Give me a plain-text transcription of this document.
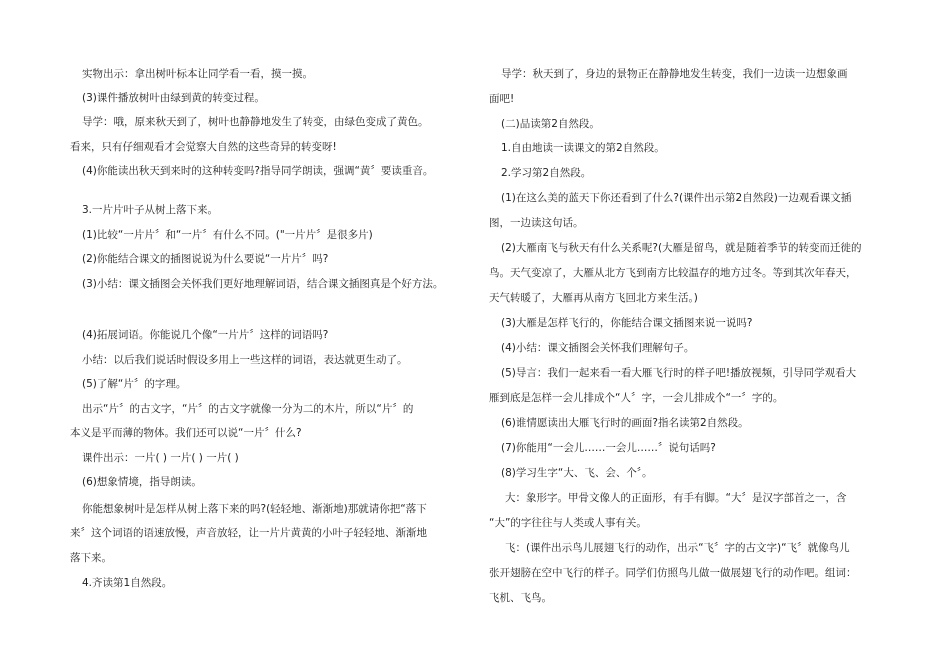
实物出示：拿出树叶标本让同学看一看，摸一摸。
(3)课件播放树叶由绿到黄的转变过程。
导学：哦，原来秋天到了，树叶也静静地发生了转变，由绿色变成了黄色。
看来，只有仔细观看才会觉察大自然的这些奇异的转变呀!
(4)你能读出秋天到来时的这种转变吗?指导同学朗读，强调“黄〞要读重音。
3.一片片叶子从树上落下来。
(1)比较“一片片〞和“一片〞有什么不同。("一片片〞是很多片)
(2)你能结合课文的插图说说为什么要说“一片片〞吗?
(3)小结：课文插图会关怀我们更好地理解词语，结合课文插图真是个好方法。
(4)拓展词语。你能说几个像“一片片〞这样的词语吗?
小结：以后我们说话时假设多用上一些这样的词语，表达就更生动了。
(5)了解“片〞的字理。
出示“片〞的古文字，“片〞的古文字就像一分为二的木片，所以“片〞的
本义是平而薄的物体。我们还可以说“一片〞什么?
课件出示：一片( ) 一片( ) 一片( )
(6)想象情境，指导朗读。
你能想象树叶是怎样从树上落下来的吗?(轻轻地、渐渐地)那就请你把“落下
来〞这个词语的语速放慢，声音放轻，让一片片黄黄的小叶子轻轻地、渐渐地
落下来。
4.齐读第1自然段。
导学：秋天到了，身边的景物正在静静地发生转变，我们一边读一边想象画
面吧!
(二)品读第2自然段。
1.自由地读一读课文的第2自然段。
2.学习第2自然段。
(1)在这么美的蓝天下你还看到了什么?(课件出示第2自然段)一边观看课文插
图，一边读这句话。
(2)大雁南飞与秋天有什么关系呢?(大雁是留鸟，就是随着季节的转变而迁徙的
鸟。天气变凉了，大雁从北方飞到南方比较温存的地方过冬。等到其次年春天，
天气转暖了，大雁再从南方飞回北方来生活。)
(3)大雁是怎样飞行的，你能结合课文插图来说一说吗?
(4)小结：课文插图会关怀我们理解句子。
(5)导言：我们一起来看一看大雁飞行时的样子吧!播放视频，引导同学观看大
雁到底是怎样一会儿排成个“人〞字，一会儿排成个“一〞字的。
(6)谁情愿读出大雁飞行时的画面?指名读第2自然段。
(7)你能用“一会儿……一会儿……〞说句话吗?
(8)学习生字“大、飞、会、个〞。
大：象形字。甲骨文像人的正面形，有手有脚。“大〞是汉字部首之一，含
“大”的字往往与人类或人事有关。
飞：(课件出示鸟儿展翅飞行的动作，出示“飞〞字的古文字)“飞〞就像鸟儿
张开翅膀在空中飞行的样子。同学们仿照鸟儿做一做展翅飞行的动作吧。组词：
飞机、飞鸟。
